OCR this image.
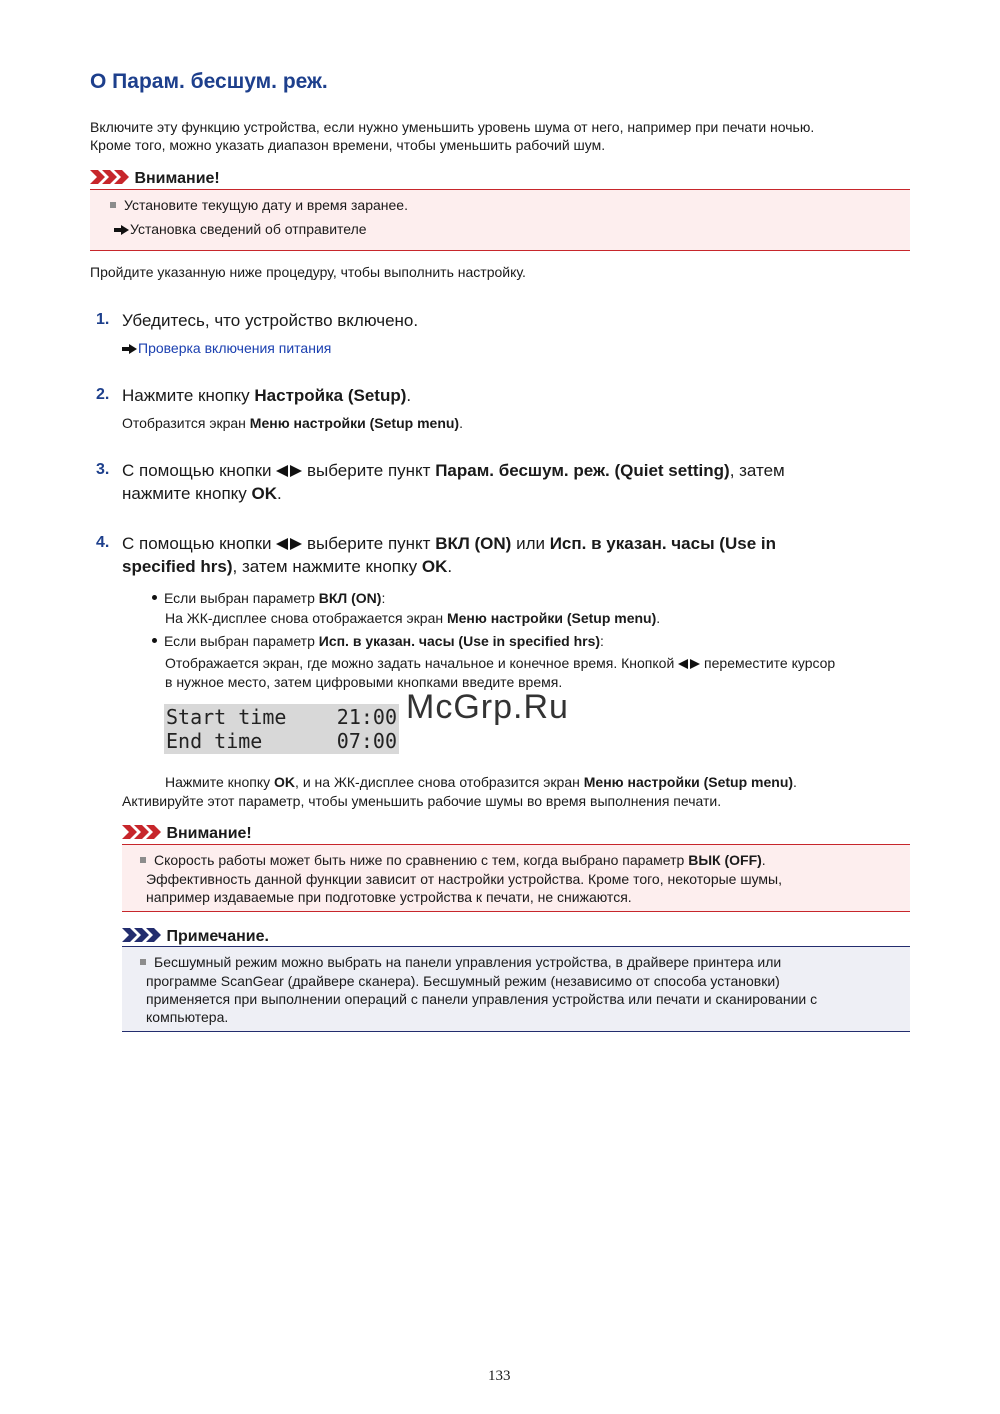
О Парам. бесшум. реж.
Включите эту функцию устройства, если нужно уменьшить уровень шума от него, например при печати ночью.
Кроме того, можно указать диапазон времени, чтобы уменьшить рабочий шум.
Внимание!
Установите текущую дату и время заранее.
Установка сведений об отправителе
Пройдите указанную ниже процедуру, чтобы выполнить настройку.
1. Убедитесь, что устройство включено.
Проверка включения питания
2. Нажмите кнопку Настройка (Setup).
Отобразится экран Меню настройки (Setup menu).
3. С помощью кнопки  выберите пункт Парам. бесшум. реж. (Quiet setting), затем
нажмите кнопку OK.
4. С помощью кнопки  выберите пункт ВКЛ (ON) или Исп. в указан. часы (Use in
specified hrs), затем нажмите кнопку OK.
Если выбран параметр ВКЛ (ON):
На ЖК-дисплее снова отображается экран Меню настройки (Setup menu).
Если выбран параметр Исп. в указан. часы (Use in specified hrs):
Отображается экран, где можно задать начальное и конечное время. Кнопкой  переместите курсор
в нужное место, затем цифровыми кнопками введите время.
Start time	21:00
End time	07:00
McGrp.Ru
Нажмите кнопку OK, и на ЖК-дисплее снова отобразится экран Меню настройки (Setup menu).
Активируйте этот параметр, чтобы уменьшить рабочие шумы во время выполнения печати.
Внимание!
Скорость работы может быть ниже по сравнению с тем, когда выбрано параметр ВЫК (OFF).
Эффективность данной функции зависит от настройки устройства. Кроме того, некоторые шумы,
например издаваемые при подготовке устройства к печати, не снижаются.
Примечание.
Бесшумный режим можно выбрать на панели управления устройства, в драйвере принтера или
программе ScanGear (драйвере сканера). Бесшумный режим (независимо от способа установки)
применяется при выполнении операций с панели управления устройства или печати и сканировании с
компьютера.
133
